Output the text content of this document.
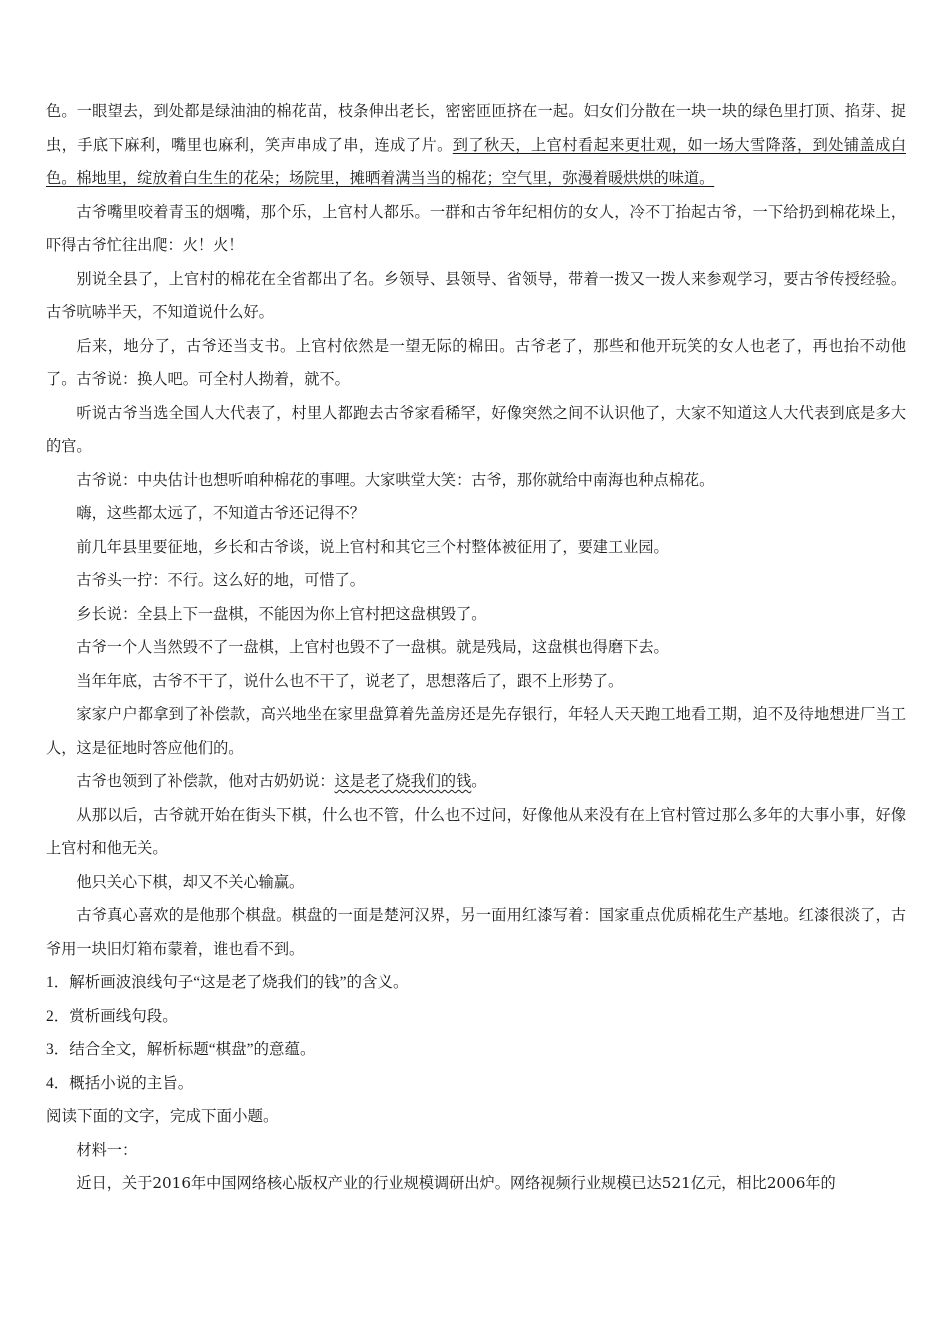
色。一眼望去，到处都是绿油油的棉花苗，枝条伸出老长，密密匝匝挤在一起。妇女们分散在一块一块的绿色里打顶、掐芽、捉虫，手底下麻利，嘴里也麻利，笑声串成了串，连成了片。到了秋天，上官村看起来更壮观，如一场大雪降落，到处铺盖成白色。棉地里，绽放着白生生的花朵；场院里，摊晒着满当当的棉花；空气里，弥漫着暖烘烘的味道。

古爷嘴里咬着青玉的烟嘴，那个乐，上官村人都乐。一群和古爷年纪相仿的女人，冷不丁抬起古爷，一下给扔到棉花垛上，吓得古爷忙往出爬：火！火！

别说全县了，上官村的棉花在全省都出了名。乡领导、县领导、省领导，带着一拨又一拨人来参观学习，要古爷传授经验。古爷吭哧半天，不知道说什么好。

后来，地分了，古爷还当支书。上官村依然是一望无际的棉田。古爷老了，那些和他开玩笑的女人也老了，再也抬不动他了。古爷说：换人吧。可全村人拗着，就不。

听说古爷当选全国人大代表了，村里人都跑去古爷家看稀罕，好像突然之间不认识他了，大家不知道这人大代表到底是多大的官。

古爷说：中央估计也想听咱种棉花的事哩。大家哄堂大笑：古爷，那你就给中南海也种点棉花。

嗨，这些都太远了，不知道古爷还记得不？

前几年县里要征地，乡长和古爷谈，说上官村和其它三个村整体被征用了，要建工业园。

古爷头一拧：不行。这么好的地，可惜了。

乡长说：全县上下一盘棋，不能因为你上官村把这盘棋毁了。

古爷一个人当然毁不了一盘棋，上官村也毁不了一盘棋。就是残局，这盘棋也得磨下去。

当年年底，古爷不干了，说什么也不干了，说老了，思想落后了，跟不上形势了。

家家户户都拿到了补偿款，高兴地坐在家里盘算着先盖房还是先存银行，年轻人天天跑工地看工期，迫不及待地想进厂当工人，这是征地时答应他们的。

古爷也领到了补偿款，他对古奶奶说：这是老了烧我们的钱。

从那以后，古爷就开始在街头下棋，什么也不管，什么也不过问，好像他从来没有在上官村管过那么多年的大事小事，好像上官村和他无关。

他只关心下棋，却又不关心输赢。

古爷真心喜欢的是他那个棋盘。棋盘的一面是楚河汉界，另一面用红漆写着：国家重点优质棉花生产基地。红漆很淡了，古爷用一块旧灯箱布蒙着，谁也看不到。

1．解析画波浪线句子“这是老了烧我们的钱”的含义。

2．赏析画线句段。

3．结合全文，解析标题“棋盘”的意蕴。

4．概括小说的主旨。

阅读下面的文字，完成下面小题。

材料一：

近日，关于2016年中国网络核心版权产业的行业规模调研出炉。网络视频行业规模已达521亿元，相比2006年的
